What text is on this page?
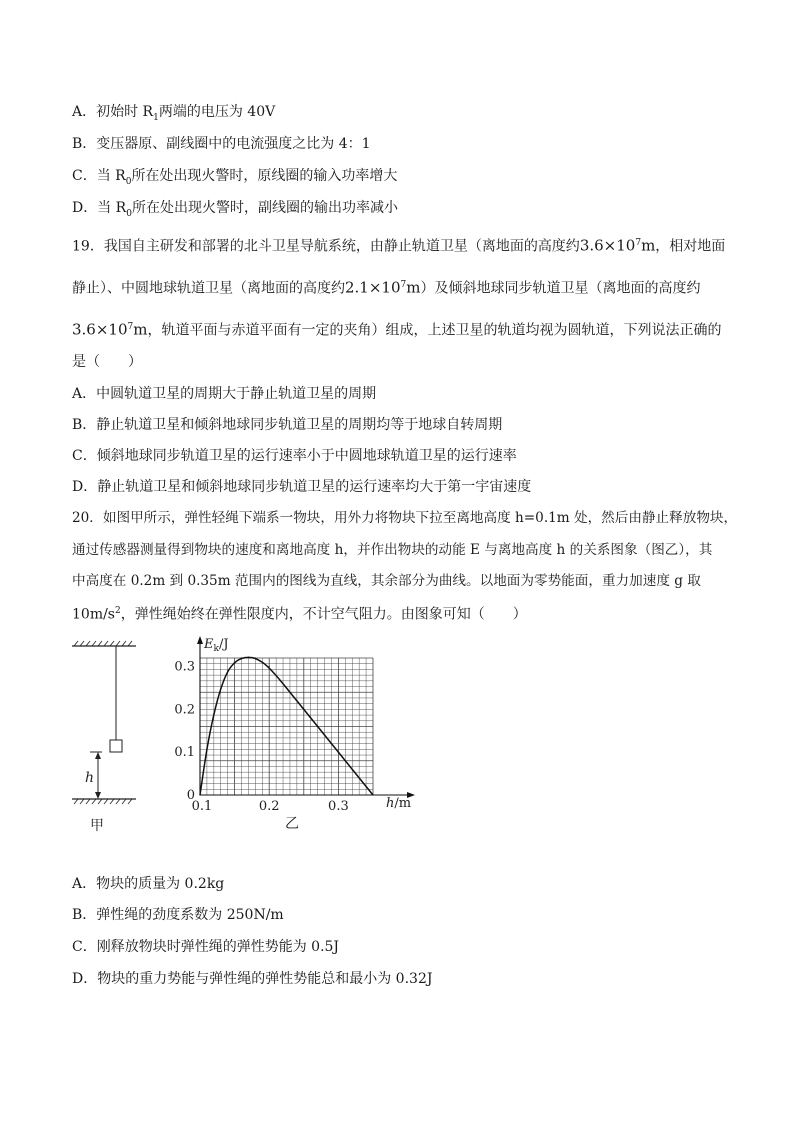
A．初始时 $R_1$两端的电压为 40V
B．变压器原、副线圈中的电流强度之比为 4：1
C．当 $R_0$所在处出现火警时，原线圈的输入功率增大
D．当 $R_0$所在处出现火警时，副线圈的输出功率减小
19．我国自主研发和部署的北斗卫星导航系统，由静止轨道卫星（离地面的高度约$3.6\times 10^7m$，相对地面
静止）、中圆地球轨道卫星（离地面的高度约$2.1\times 10^7m$）及倾斜地球同步轨道卫星（离地面的高度约
$3.6\times 10^7m$，轨道平面与赤道平面有一定的夹角）组成，上述卫星的轨道均视为圆轨道，下列说法正确的
是（　　）
A．中圆轨道卫星的周期大于静止轨道卫星的周期
B．静止轨道卫星和倾斜地球同步轨道卫星的周期均等于地球自转周期
C．倾斜地球同步轨道卫星的运行速率小于中圆地球轨道卫星的运行速率
D．静止轨道卫星和倾斜地球同步轨道卫星的运行速率均大于第一宇宙速度
20．如图甲所示，弹性轻绳下端系一物块，用外力将物块下拉至离地高度 h=0.1m 处，然后由静止释放物块，
通过传感器测量得到物块的速度和离地高度 h，并作出物块的动能 E 与离地高度 h 的关系图象（图乙），其
中高度在 0.2m 到 0.35m 范围内的图线为直线，其余部分为曲线。以地面为零势能面，重力加速度 g 取
$10m/s^2$，弹性绳始终在弹性限度内，不计空气阻力。由图象可知（　　）
h
甲
0
0.1
0.2
0.3
0.1	0.2	0.3
$E_k/J$
h/m
乙
A．物块的质量为 0.2kg
B．弹性绳的劲度系数为 250N/m
C．刚释放物块时弹性绳的弹性势能为 0.5J
D．物块的重力势能与弹性绳的弹性势能总和最小为 0.32J
